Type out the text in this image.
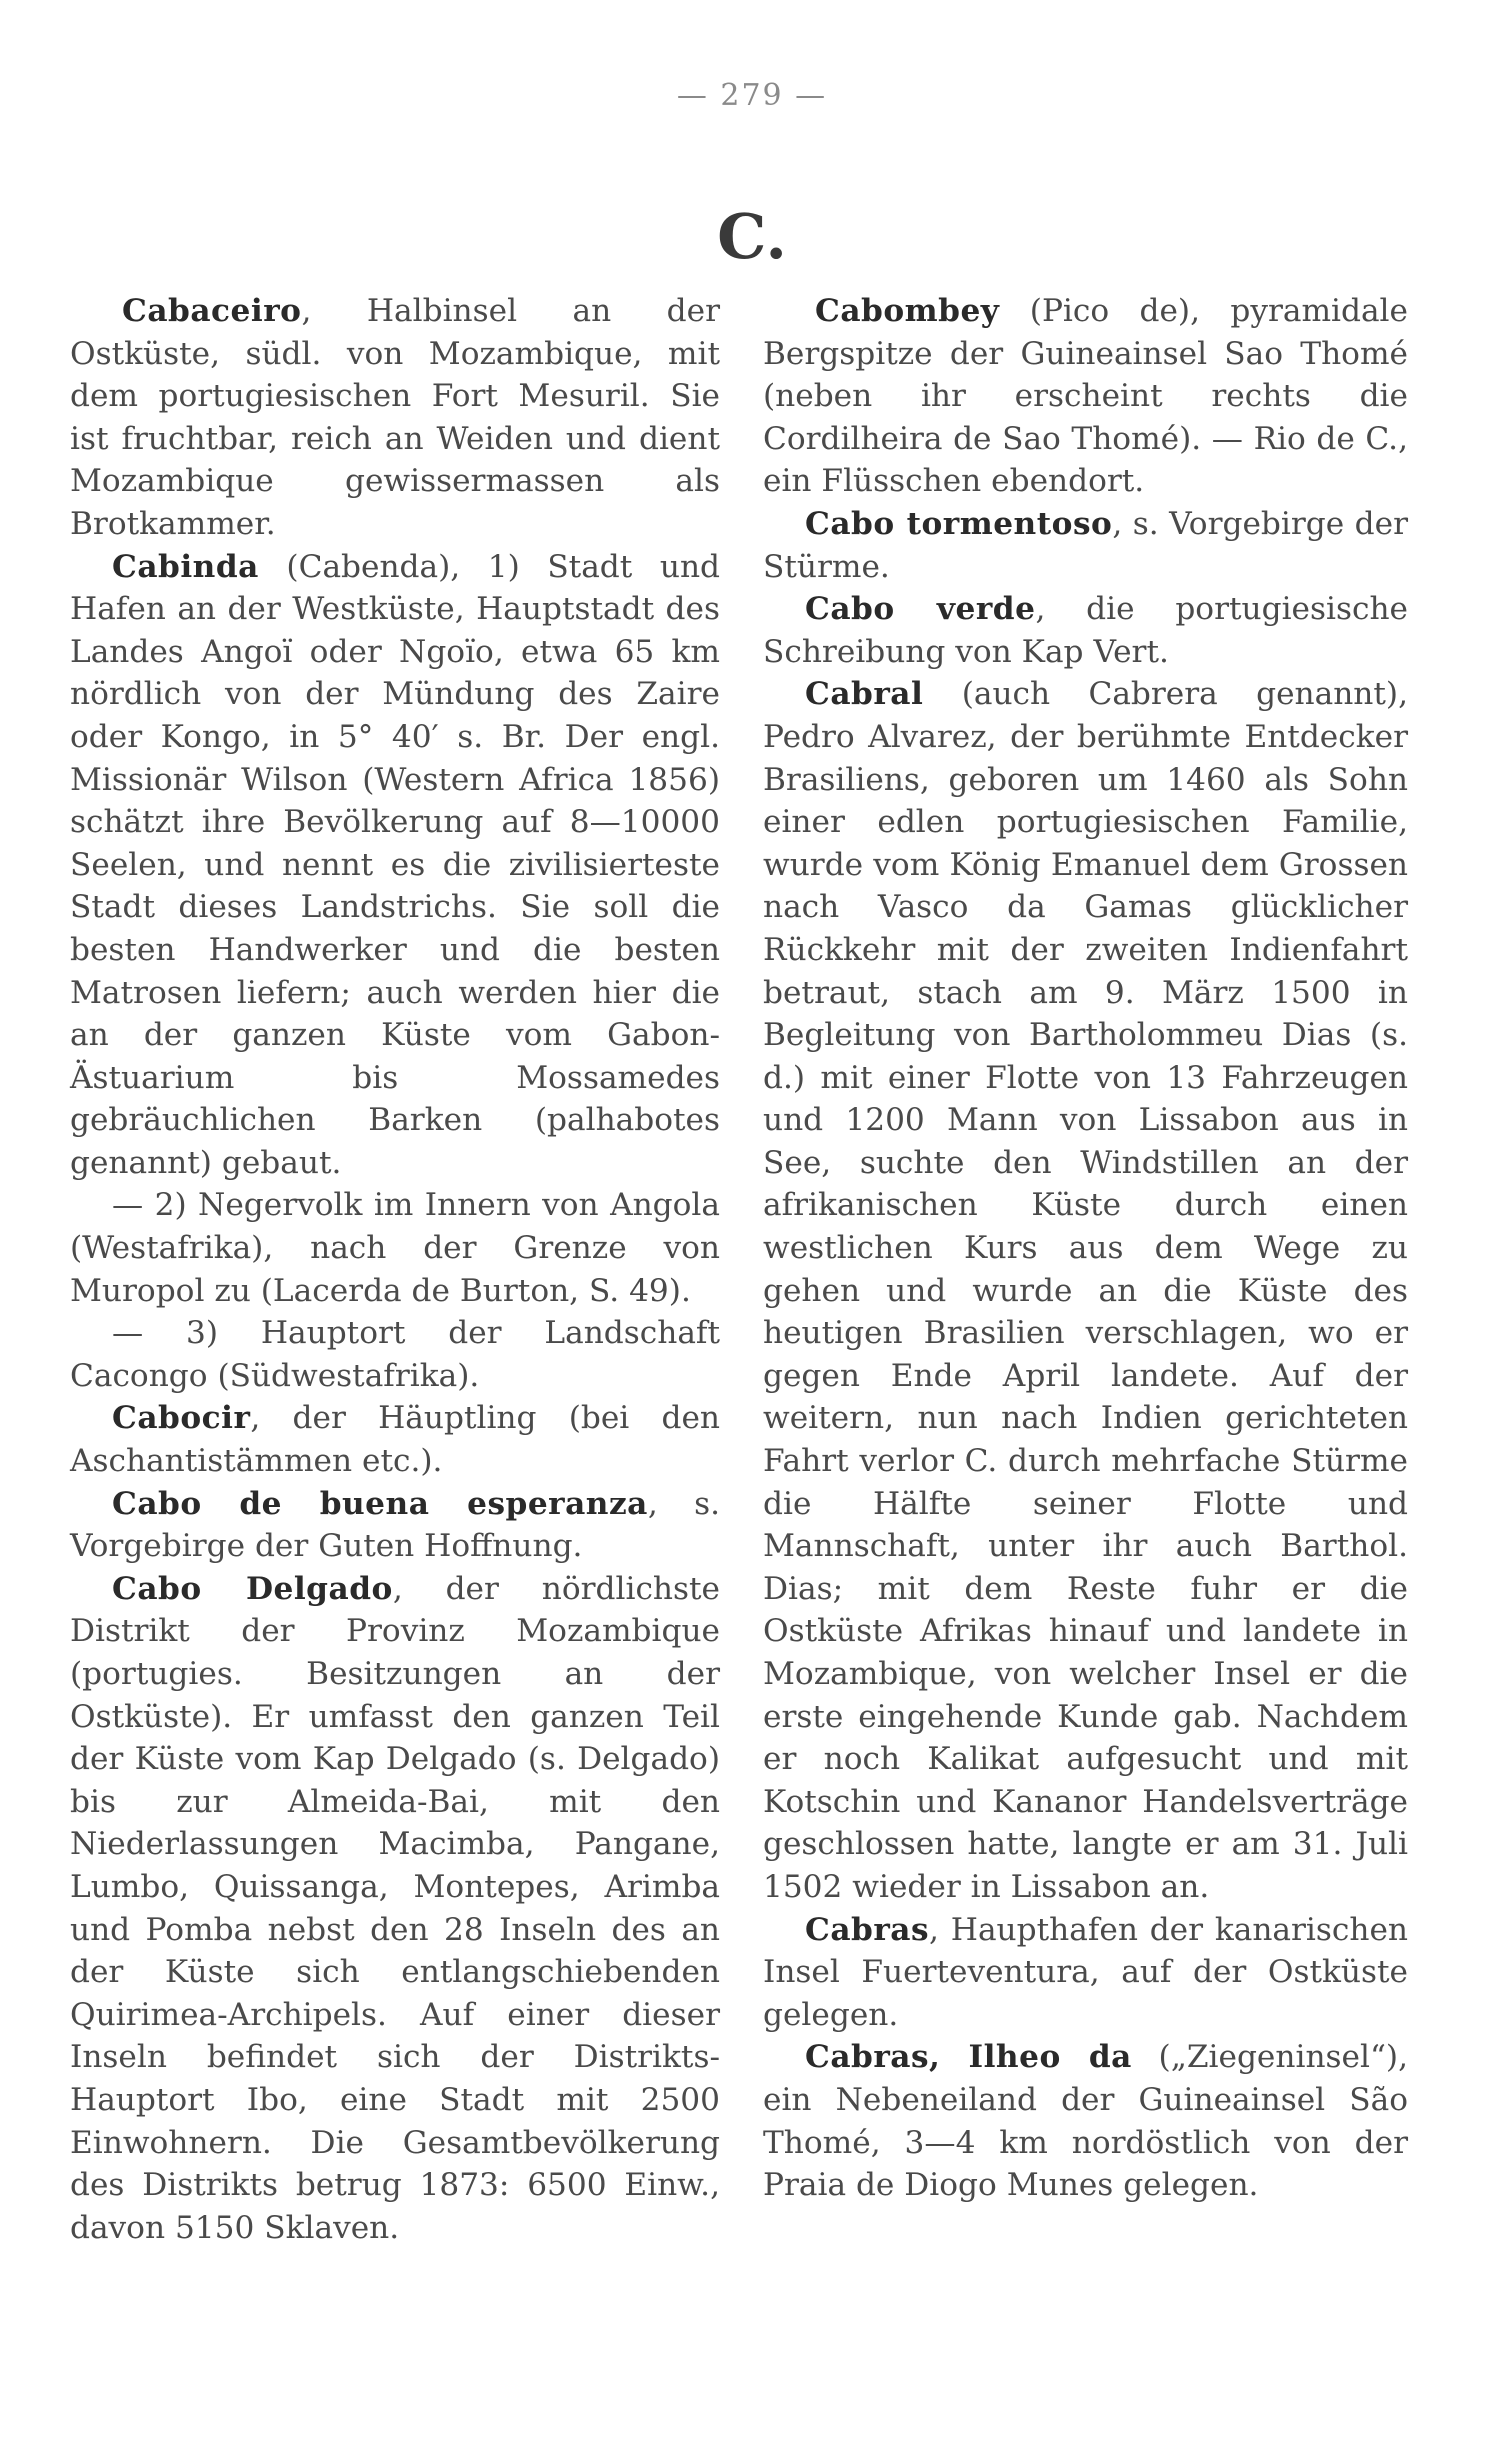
— 279 —
C.

Cabaceiro, Halbinsel an der Ostküste, südl. von Mozambique, mit dem portugiesischen Fort Mesuril. Sie ist fruchtbar, reich an Weiden und dient Mozambique gewissermassen als Brotkammer.

Cabinda (Cabenda), 1) Stadt und Hafen an der Westküste, Hauptstadt des Landes Angoï oder Ngoïo, etwa 65 km nördlich von der Mündung des Zaire oder Kongo, in 5° 40′ s. Br. Der engl. Missionär Wilson (Western Africa 1856) schätzt ihre Bevölkerung auf 8—10000 Seelen, und nennt es die zivilisierteste Stadt dieses Landstrichs. Sie soll die besten Handwerker und die besten Matrosen liefern; auch werden hier die an der ganzen Küste vom Gabon-Ästuarium bis Mossamedes gebräuchlichen Barken (palhabotes genannt) gebaut.

— 2) Negervolk im Innern von Angola (Westafrika), nach der Grenze von Muropol zu (Lacerda de Burton, S. 49).

— 3) Hauptort der Landschaft Cacongo (Südwestafrika).

Cabocir, der Häuptling (bei den Aschantistämmen etc.).

Cabo de buena esperanza, s. Vorgebirge der Guten Hoffnung.

Cabo Delgado, der nördlichste Distrikt der Provinz Mozambique (portugies. Besitzungen an der Ostküste). Er umfasst den ganzen Teil der Küste vom Kap Delgado (s. Delgado) bis zur Almeida-Bai, mit den Niederlassungen Macimba, Pangane, Lumbo, Quissanga, Montepes, Arimba und Pomba nebst den 28 Inseln des an der Küste sich entlangschiebenden Quirimea-Archipels. Auf einer dieser Inseln befindet sich der Distrikts-Hauptort Ibo, eine Stadt mit 2500 Einwohnern. Die Gesamtbevölkerung des Distrikts betrug 1873: 6500 Einw., davon 5150 Sklaven.

Cabombey (Pico de), pyramidale Bergspitze der Guineainsel Sao Thomé (neben ihr erscheint rechts die Cordilheira de Sao Thomé). — Rio de C., ein Flüsschen ebendort.

Cabo tormentoso, s. Vorgebirge der Stürme.

Cabo verde, die portugiesische Schreibung von Kap Vert.

Cabral (auch Cabrera genannt), Pedro Alvarez, der berühmte Entdecker Brasiliens, geboren um 1460 als Sohn einer edlen portugiesischen Familie, wurde vom König Emanuel dem Grossen nach Vasco da Gamas glücklicher Rückkehr mit der zweiten Indienfahrt betraut, stach am 9. März 1500 in Begleitung von Bartholommeu Dias (s. d.) mit einer Flotte von 13 Fahrzeugen und 1200 Mann von Lissabon aus in See, suchte den Windstillen an der afrikanischen Küste durch einen westlichen Kurs aus dem Wege zu gehen und wurde an die Küste des heutigen Brasilien verschlagen, wo er gegen Ende April landete. Auf der weitern, nun nach Indien gerichteten Fahrt verlor C. durch mehrfache Stürme die Hälfte seiner Flotte und Mannschaft, unter ihr auch Barthol. Dias; mit dem Reste fuhr er die Ostküste Afrikas hinauf und landete in Mozambique, von welcher Insel er die erste eingehende Kunde gab. Nachdem er noch Kalikat aufgesucht und mit Kotschin und Kananor Handelsverträge geschlossen hatte, langte er am 31. Juli 1502 wieder in Lissabon an.

Cabras, Haupthafen der kanarischen Insel Fuerteventura, auf der Ostküste gelegen.

Cabras, Ilheo da („Ziegeninsel“), ein Nebeneiland der Guineainsel São Thomé, 3—4 km nordöstlich von der Praia de Diogo Munes gelegen.
